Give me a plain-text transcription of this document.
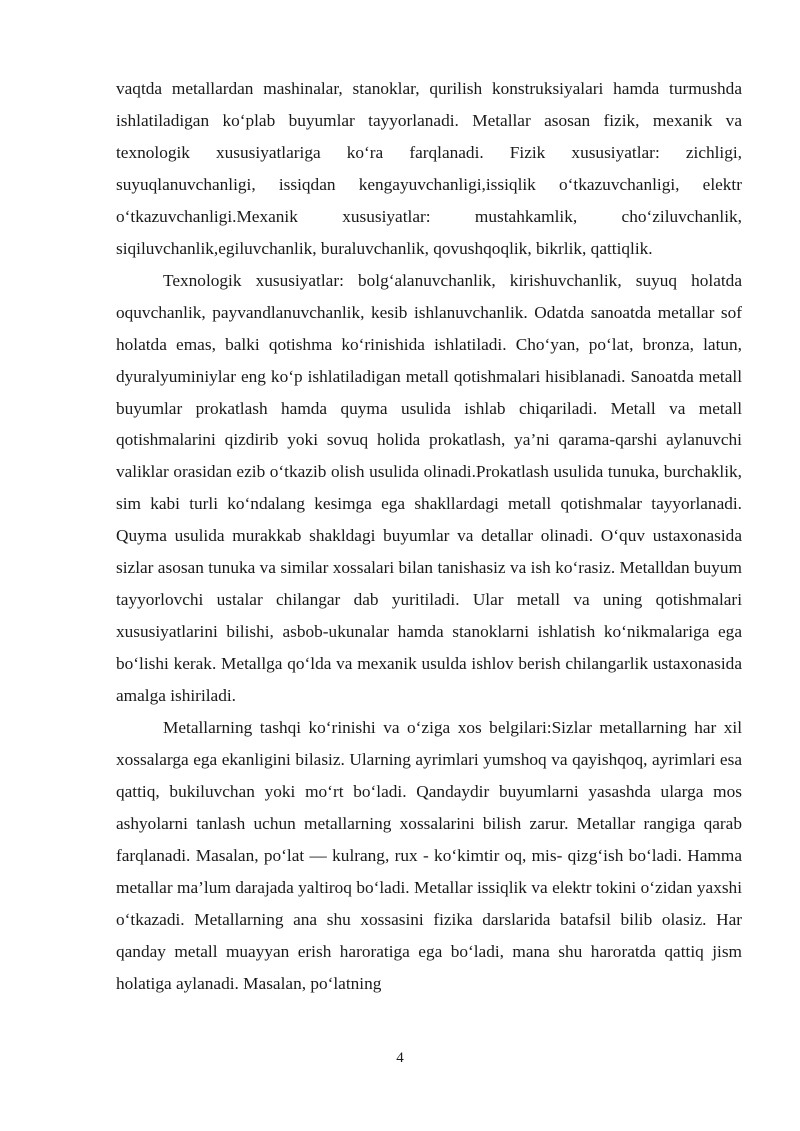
vaqtda metallardan mashinalar, stanoklar, qurilish konstruksiyalari hamda turmushda ishlatiladigan ko‘plab buyumlar tayyorlanadi. Metallar asosan fizik, mexanik va texnologik xususiyatlariga ko‘ra farqlanadi. Fizik xususiyatlar: zichligi, suyuqlanuvchanligi, issiqdan kengayuvchanligi,issiqlik o‘tkazuvchanligi, elektr o‘tkazuvchanligi.Mexanik xususiyatlar: mustahkamlik, cho‘ziluvchanlik, siqiluvchanlik,egiluvchanlik, buraluvchanlik, qovushqoqlik, bikrlik, qattiqlik.

Texnologik xususiyatlar: bolg‘alanuvchanlik, kirishuvchanlik, suyuq holatda oquvchanlik, payvandlanuvchanlik, kesib ishlanuvchanlik. Odatda sanoatda metallar sof holatda emas, balki qotishma ko‘rinishida ishlatiladi. Cho‘yan, po‘lat, bronza, latun, dyuralyuminiylar eng ko‘p ishlatiladigan metall qotishmalari hisiblanadi. Sanoatda metall buyumlar prokatlash hamda quyma usulida ishlab chiqariladi. Metall va metall qotishmalarini qizdirib yoki sovuq holida prokatlash, ya’ni qarama-qarshi aylanuvchi valiklar orasidan ezib o‘tkazib olish usulida olinadi.Prokatlash usulida tunuka, burchaklik, sim kabi turli ko‘ndalang kesimga ega shakllardagi metall qotishmalar tayyorlanadi. Quyma usulida murakkab shakldagi buyumlar va detallar olinadi. O‘quv ustaxonasida sizlar asosan tunuka va similar xossalari bilan tanishasiz va ish ko‘rasiz. Metalldan buyum tayyorlovchi ustalar chilangar dab yuritiladi. Ular metall va uning qotishmalari xususiyatlarini bilishi, asbob-ukunalar hamda stanoklarni ishlatish ko‘nikmalariga ega bo‘lishi kerak. Metallga qo‘lda va mexanik usulda ishlov berish chilangarlik ustaxonasida amalga ishiriladi.

Metallarning tashqi ko‘rinishi va o‘ziga xos belgilari:Sizlar metallarning har xil xossalarga ega ekanligini bilasiz. Ularning ayrimlari yumshoq va qayishqoq, ayrimlari esa qattiq, bukiluvchan yoki mo‘rt bo‘ladi. Qandaydir buyumlarni yasashda ularga mos ashyolarni tanlash uchun metallarning xossalarini bilish zarur. Metallar rangiga qarab farqlanadi. Masalan, po‘lat — kulrang, rux - ko‘kimtir oq, mis- qizg‘ish bo‘ladi. Hamma metallar ma’lum darajada yaltiroq bo‘ladi. Metallar issiqlik va elektr tokini o‘zidan yaxshi o‘tkazadi. Metallarning ana shu xossasini fizika darslarida batafsil bilib olasiz. Har qanday metall muayyan erish haroratiga ega bo‘ladi, mana shu haroratda qattiq jism holatiga aylanadi. Masalan, po‘latning

4
